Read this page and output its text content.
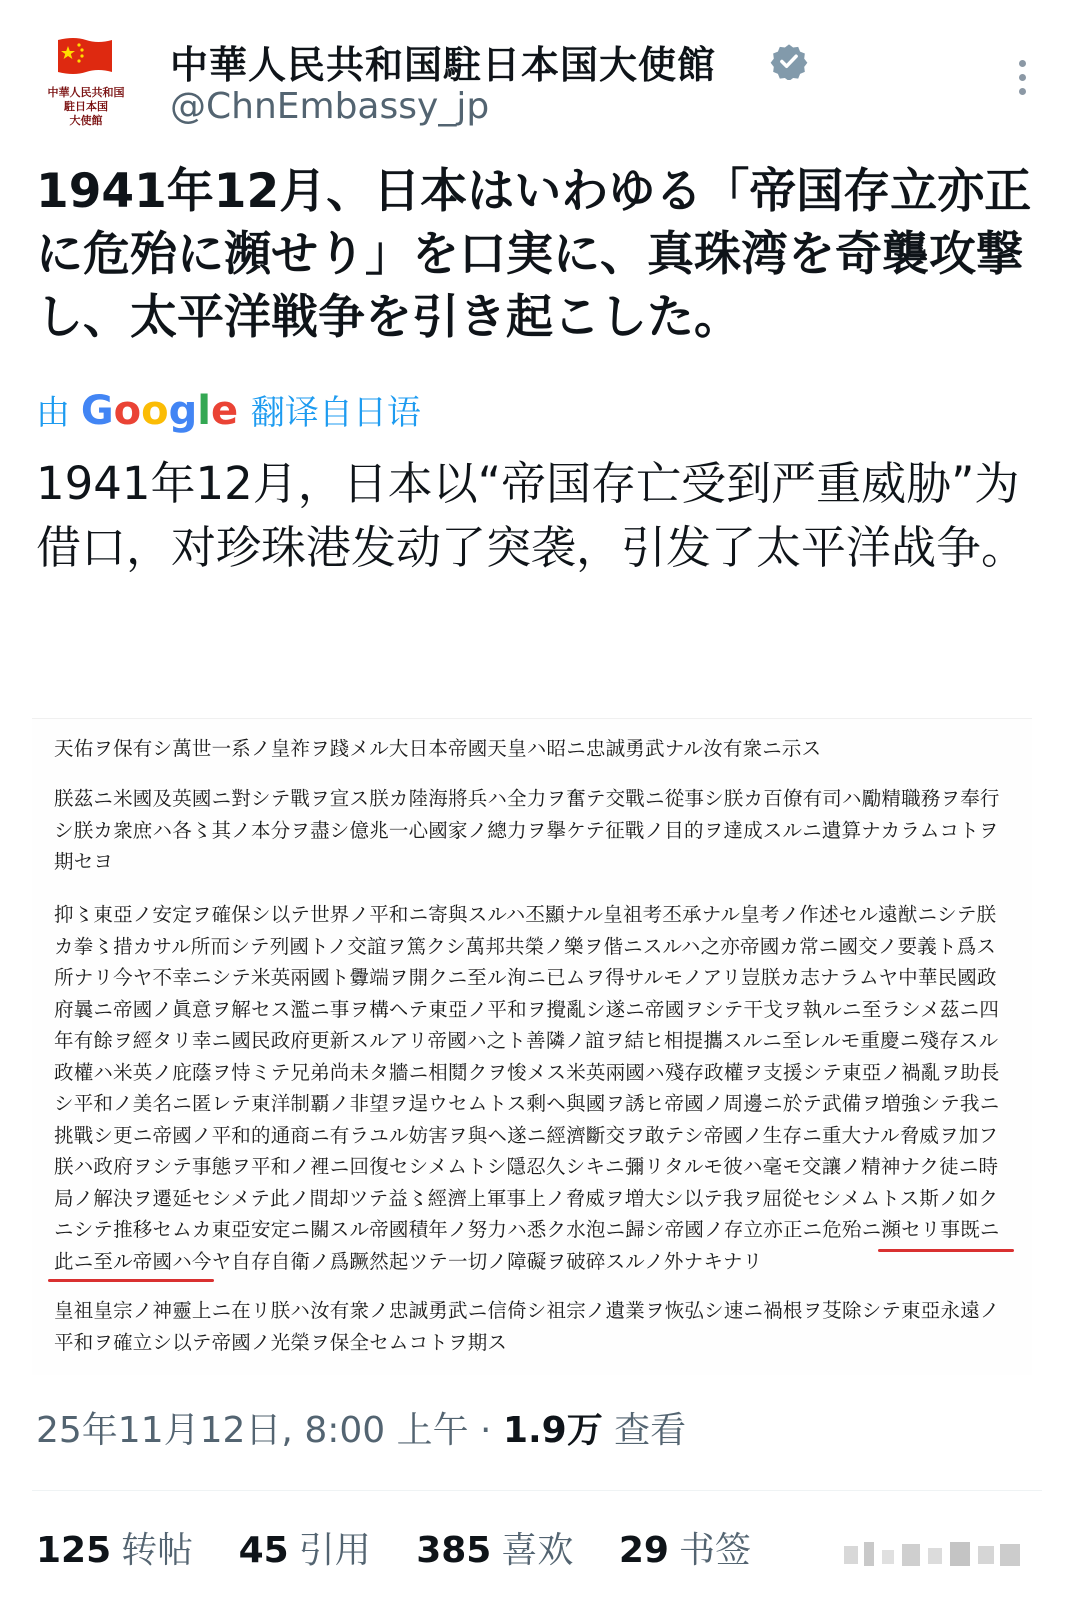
中華人民共和国
駐日本国
大使館
中華人民共和国駐日本国大使館
@ChnEmbassy_jp
1941年12月、日本はいわゆる「帝国存立亦正に危殆に瀕せり」を口実に、真珠湾を奇襲攻撃し、太平洋戦争を引き起こした。
由 Google 翻译自日语
1941年12月，日本以“帝国存亡受到严重威胁”为借口，对珍珠港发动了突袭，引发了太平洋战争。
天佑ヲ保有シ萬世一系ノ皇祚ヲ踐メル大日本帝國天皇ハ昭ニ忠誠勇武ナル汝有衆ニ示ス
朕茲ニ米國及英國ニ對シテ戰ヲ宣ス朕カ陸海將兵ハ全力ヲ奮テ交戰ニ從事シ朕カ百僚有司ハ勵精職務ヲ奉行シ朕カ衆庶ハ各〻其ノ本分ヲ盡シ億兆一心國家ノ總力ヲ擧ケテ征戰ノ目的ヲ達成スルニ遺算ナカラムコトヲ期セヨ
抑〻東亞ノ安定ヲ確保シ以テ世界ノ平和ニ寄與スルハ丕顯ナル皇祖考丕承ナル皇考ノ作述セル遠猷ニシテ朕カ拳〻措カサル所而シテ列國トノ交誼ヲ篤クシ萬邦共榮ノ樂ヲ偕ニスルハ之亦帝國カ常ニ國交ノ要義ト爲ス所ナリ今ヤ不幸ニシテ米英兩國ト釁端ヲ開クニ至ル洵ニ已ムヲ得サルモノアリ豈朕カ志ナラムヤ中華民國政府曩ニ帝國ノ眞意ヲ解セス濫ニ事ヲ構ヘテ東亞ノ平和ヲ攪亂シ遂ニ帝國ヲシテ干戈ヲ執ルニ至ラシメ茲ニ四年有餘ヲ經タリ幸ニ國民政府更新スルアリ帝國ハ之ト善隣ノ誼ヲ結ヒ相提攜スルニ至レルモ重慶ニ殘存スル政權ハ米英ノ庇蔭ヲ恃ミテ兄弟尚未タ牆ニ相鬩クヲ悛メス米英兩國ハ殘存政權ヲ支援シテ東亞ノ禍亂ヲ助長シ平和ノ美名ニ匿レテ東洋制覇ノ非望ヲ逞ウセムトス剩ヘ與國ヲ誘ヒ帝國ノ周邊ニ於テ武備ヲ増強シテ我ニ挑戰シ更ニ帝國ノ平和的通商ニ有ラユル妨害ヲ與ヘ遂ニ經濟斷交ヲ敢テシ帝國ノ生存ニ重大ナル脅威ヲ加フ朕ハ政府ヲシテ事態ヲ平和ノ裡ニ回復セシメムトシ隱忍久シキニ彌リタルモ彼ハ毫モ交讓ノ精神ナク徒ニ時局ノ解決ヲ遷延セシメテ此ノ間却ツテ益〻經濟上軍事上ノ脅威ヲ増大シ以テ我ヲ屈從セシメムトス斯ノ如クニシテ推移セムカ東亞安定ニ關スル帝國積年ノ努力ハ悉ク水泡ニ歸シ帝國ノ存立亦正ニ危殆ニ瀕セリ事既ニ此ニ至ル帝國ハ今ヤ自存自衛ノ爲蹶然起ツテ一切ノ障礙ヲ破碎スルノ外ナキナリ
皇祖皇宗ノ神靈上ニ在リ朕ハ汝有衆ノ忠誠勇武ニ信倚シ祖宗ノ遺業ヲ恢弘シ速ニ禍根ヲ芟除シテ東亞永遠ノ平和ヲ確立シ以テ帝國ノ光榮ヲ保全セムコトヲ期ス
25年11月12日, 8:00 上午 · 1.9万 查看
125 转帖 45 引用 385 喜欢 29 书签
